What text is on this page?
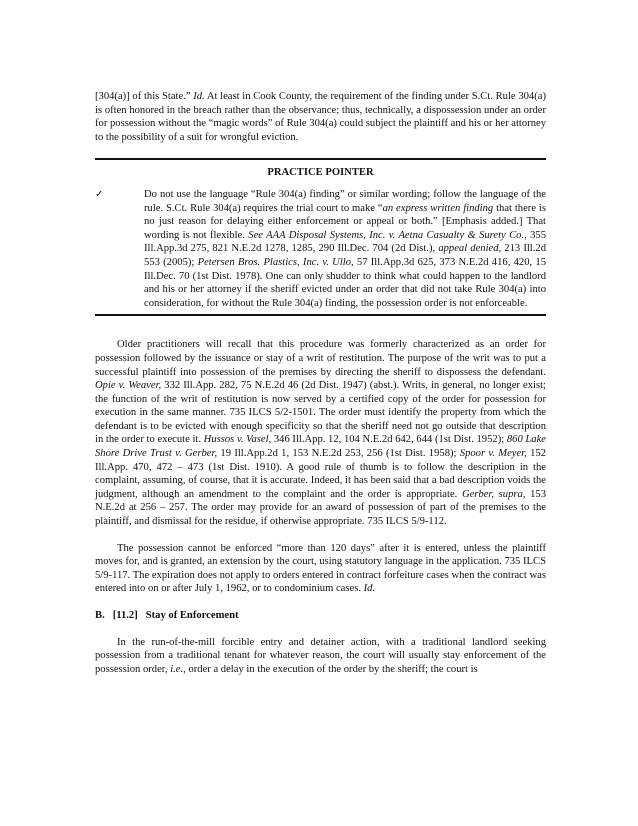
[304(a)] of this State.” Id. At least in Cook County, the requirement of the finding under S.Ct. Rule 304(a) is often honored in the breach rather than the observance; thus, technically, a dispossession under an order for possession without the “magic words” of Rule 304(a) could subject the plaintiff and his or her attorney to the possibility of a suit for wrongful eviction.

PRACTICE POINTER
✓	Do not use the language “Rule 304(a) finding” or similar wording; follow the language of the rule. S.Ct. Rule 304(a) requires the trial court to make “an express written finding that there is no just reason for delaying either enforcement or appeal or both.” [Emphasis added.] That wording is not flexible. See AAA Disposal Systems, Inc. v. Aetna Casualty & Surety Co., 355 Ill.App.3d 275, 821 N.E.2d 1278, 1285, 290 Ill.Dec. 704 (2d Dist.), appeal denied, 213 Ill.2d 553 (2005); Petersen Bros. Plastics, Inc. v. Ullo, 57 Ill.App.3d 625, 373 N.E.2d 416, 420, 15 Ill.Dec. 70 (1st Dist. 1978). One can only shudder to think what could happen to the landlord and his or her attorney if the sheriff evicted under an order that did not take Rule 304(a) into consideration, for without the Rule 304(a) finding, the possession order is not enforceable.

Older practitioners will recall that this procedure was formerly characterized as an order for possession followed by the issuance or stay of a writ of restitution. The purpose of the writ was to put a successful plaintiff into possession of the premises by directing the sheriff to dispossess the defendant. Opie v. Weaver, 332 Ill.App. 282, 75 N.E.2d 46 (2d Dist. 1947) (abst.). Writs, in general, no longer exist; the function of the writ of restitution is now served by a certified copy of the order for possession for execution in the same manner. 735 ILCS 5/2-1501. The order must identify the property from which the defendant is to be evicted with enough specificity so that the sheriff need not go outside that description in the order to execute it. Hussos v. Vasel, 346 Ill.App. 12, 104 N.E.2d 642, 644 (1st Dist. 1952); 860 Lake Shore Drive Trust v. Gerber, 19 Ill.App.2d 1, 153 N.E.2d 253, 256 (1st Dist. 1958); Spoor v. Meyer, 152 Ill.App. 470, 472 – 473 (1st Dist. 1910). A good rule of thumb is to follow the description in the complaint, assuming, of course, that it is accurate. Indeed, it has been said that a bad description voids the judgment, although an amendment to the complaint and the order is appropriate. Gerber, supra, 153 N.E.2d at 256 – 257. The order may provide for an award of possession of part of the premises to the plaintiff, and dismissal for the residue, if otherwise appropriate. 735 ILCS 5/9-112.

The possession cannot be enforced “more than 120 days” after it is entered, unless the plaintiff moves for, and is granted, an extension by the court, using statutory language in the application. 735 ILCS 5/9-117. The expiration does not apply to orders entered in contract forfeiture cases when the contract was entered into on or after July 1, 1962, or to condominium cases. Id.

B. [11.2] Stay of Enforcement

In the run-of-the-mill forcible entry and detainer action, with a traditional landlord seeking possession from a traditional tenant for whatever reason, the court will usually stay enforcement of the possession order, i.e., order a delay in the execution of the order by the sheriff; the court is
